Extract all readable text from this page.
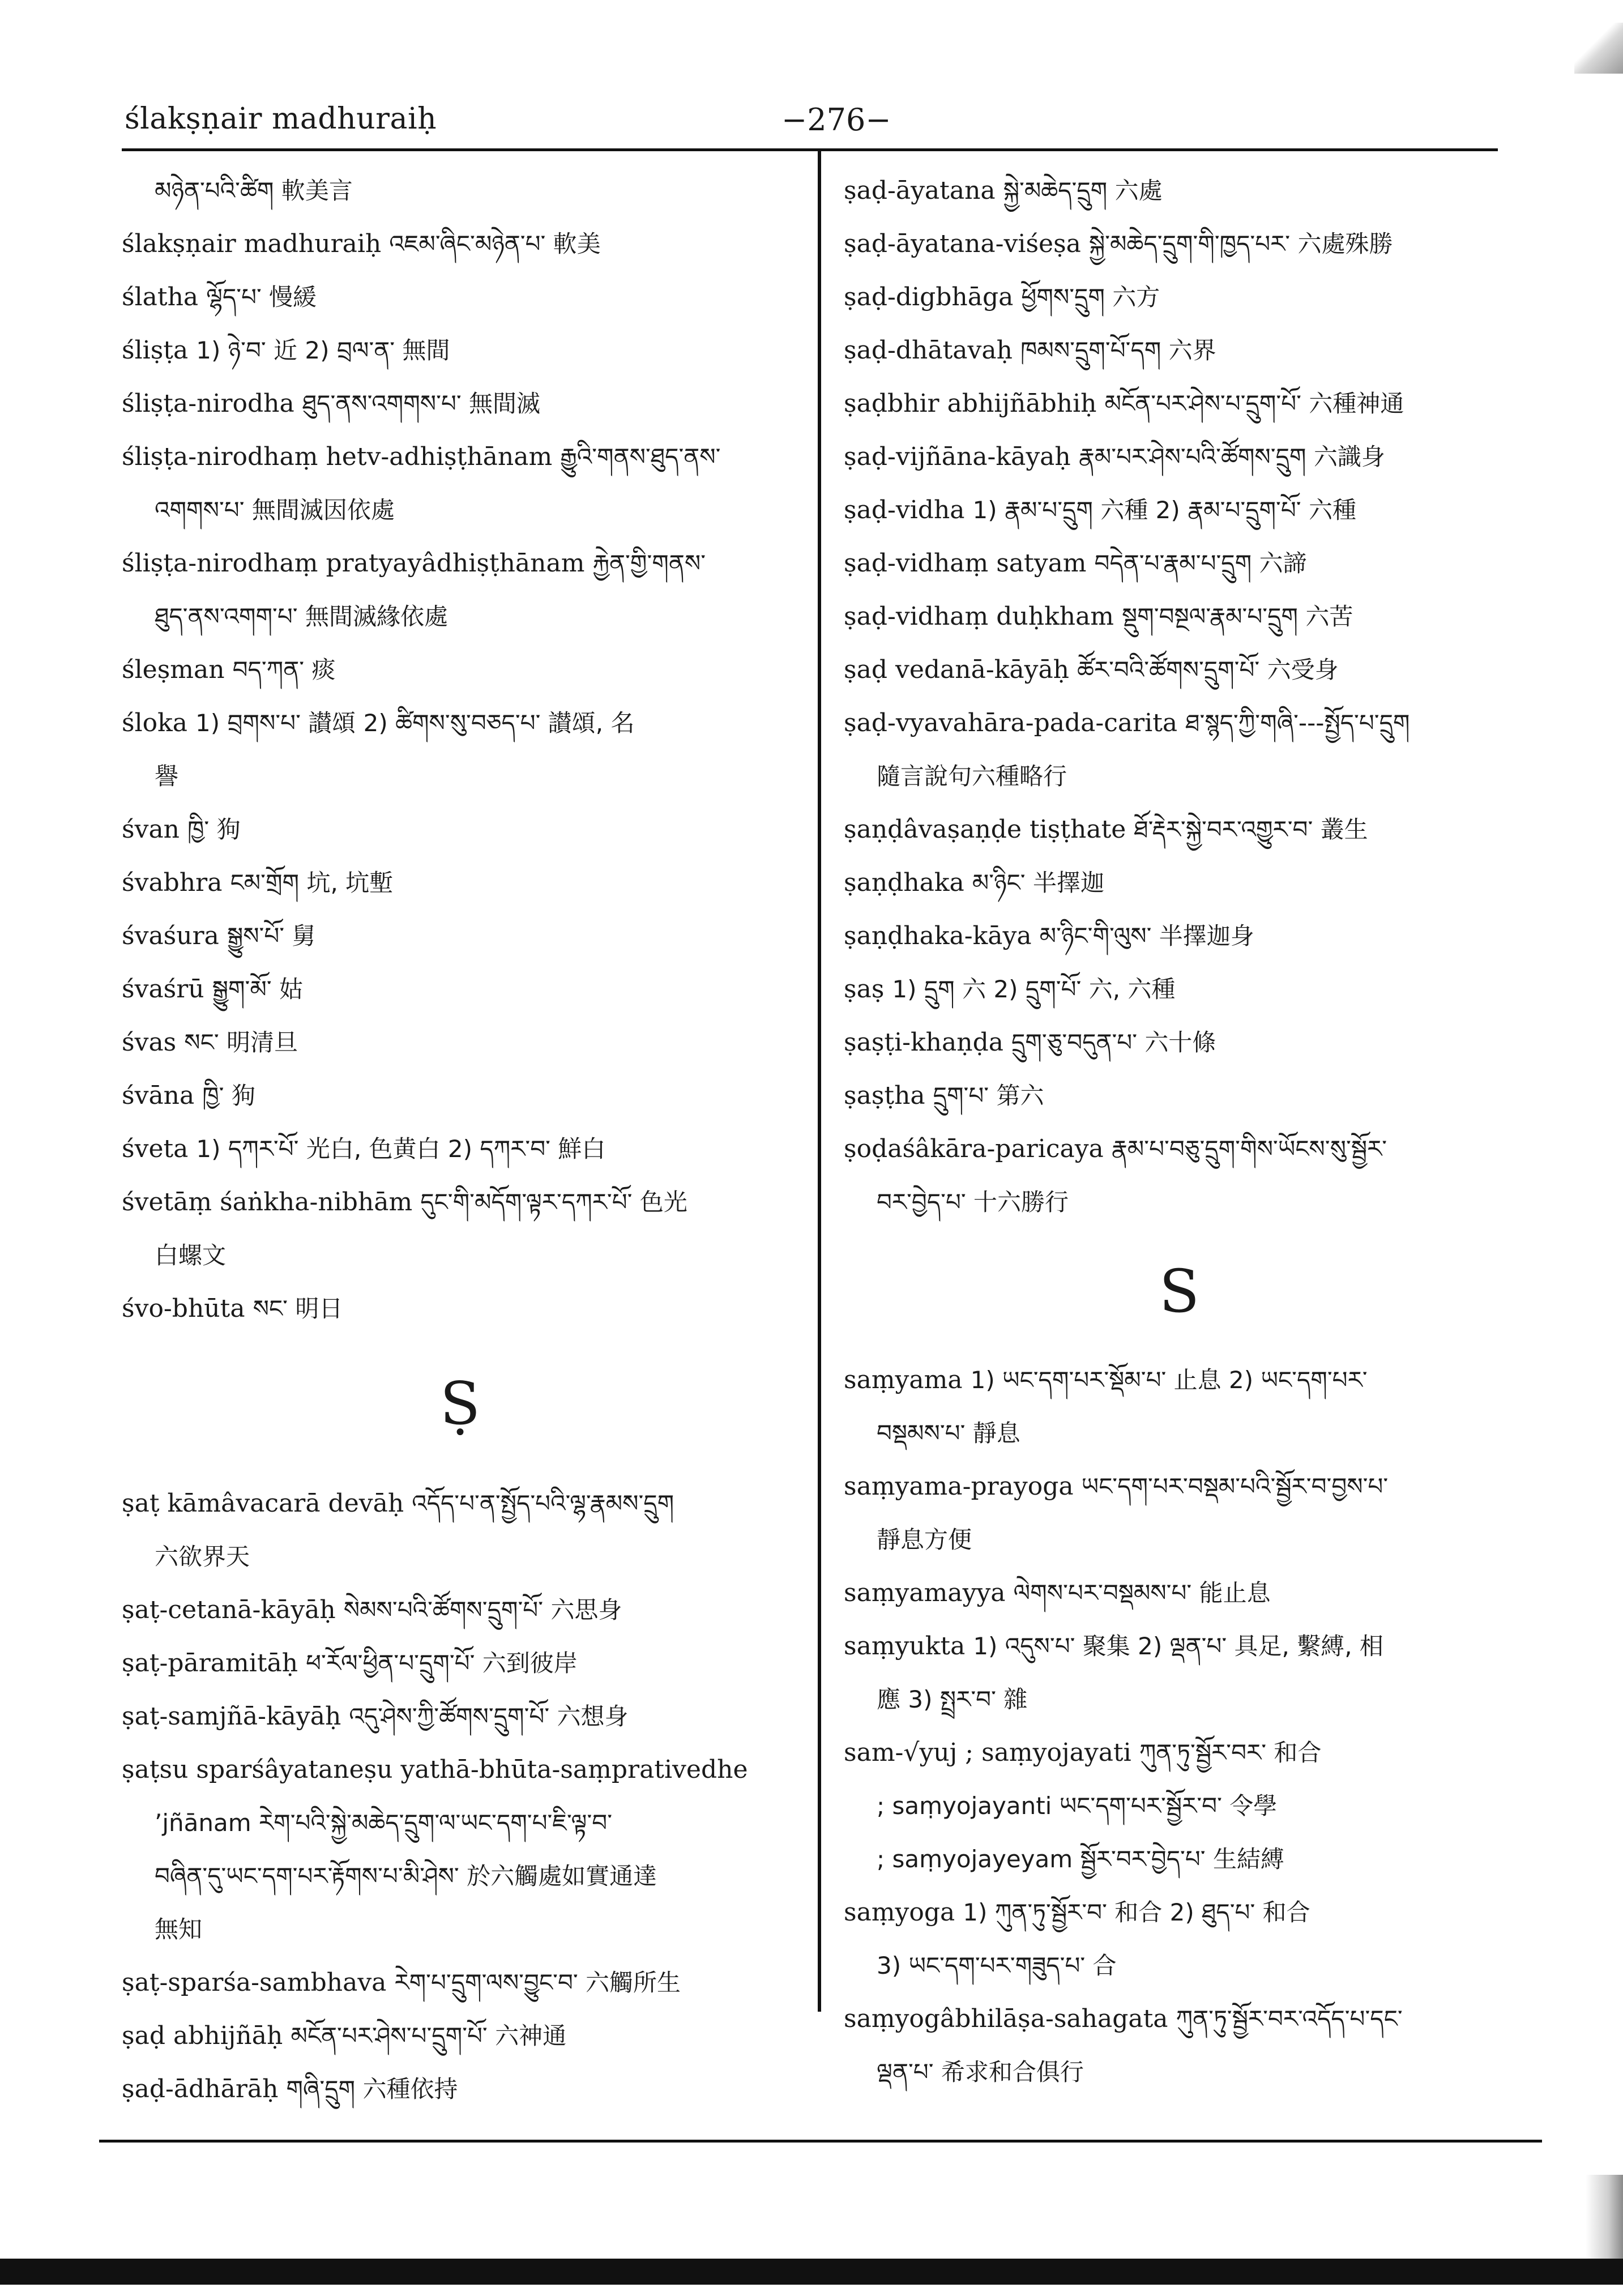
ślakṣṇair madhuraiḥ	−276−
མཉེན་པའི་ཚིག 軟美言
ślakṣṇair madhuraiḥ འཇམ་ཞིང་མཉེན་པ་ 軟美
ślatha ལྷོད་པ་ 慢緩
śliṣṭa 1) ཉེ་བ་ 近 2) བྲལ་ན་ 無間
śliṣṭa-nirodha ཐུད་ནས་འགགས་པ་ 無間滅
śliṣṭa-nirodhaṃ hetv-adhiṣṭhānam རྒྱུའི་གནས་ཐུད་ནས་
འགགས་པ་ 無間滅因依處
śliṣṭa-nirodhaṃ pratyayâdhiṣṭhānam རྐྱེན་གྱི་གནས་
ཐུད་ནས་འགག་པ་ 無間滅緣依處
śleṣman བད་ཀན་ 痰
śloka 1) བྲགས་པ་ 讃頌 2) ཚིགས་སུ་བཅད་པ་ 讃頌, 名
譽
śvan ཁྱི་ 狗
śvabhra ངམ་གྲོག 坑, 坑塹
śvaśura སྒྱུས་པོ་ 舅
śvaśrū སྒྱུག་མོ་ 姑
śvas སང་ 明清旦
śvāna ཁྱི་ 狗
śveta 1) དཀར་པོ་ 光白, 色黄白 2) དཀར་བ་ 鮮白
śvetāṃ śaṅkha-nibhām དུང་གི་མདོག་ལྟར་དཀར་པོ་ 色光
白螺文
śvo-bhūta སང་ 明日
Ṣ
ṣaṭ kāmâvacarā devāḥ འདོད་པ་ན་སྤྱོད་པའི་ལྷ་རྣམས་དྲུག
六欲界天
ṣaṭ-cetanā-kāyāḥ སེམས་པའི་ཚོགས་དྲུག་པོ་ 六思身
ṣaṭ-pāramitāḥ ཕ་རོལ་ཕྱིན་པ་དྲུག་པོ་ 六到彼岸
ṣaṭ-samjñā-kāyāḥ འདུ་ཤེས་ཀྱི་ཚོགས་དྲུག་པོ་ 六想身
ṣaṭsu sparśâyataneṣu yathā-bhūta-saṃprativedhe
’jñānam རེག་པའི་སྐྱེ་མཆེད་དྲུག་ལ་ཡང་དག་པ་ཇི་ལྟ་བ་
བཞིན་དུ་ཡང་དག་པར་རྟོགས་པ་མི་ཤེས་ 於六觸處如實通達
無知
ṣaṭ-sparśa-sambhava རེག་པ་དྲུག་ལས་བྱུང་བ་ 六觸所生
ṣaḍ abhijñāḥ མངོན་པར་ཤེས་པ་དྲུག་པོ་ 六神通
ṣaḍ-ādhārāḥ གཞི་དྲུག 六種依持
ṣaḍ-āyatana སྐྱེ་མཆེད་དྲུག 六處
ṣaḍ-āyatana-viśeṣa སྐྱེ་མཆེད་དྲུག་གི་ཁྱད་པར་ 六處殊勝
ṣaḍ-digbhāga ཕྱོགས་དྲུག 六方
ṣaḍ-dhātavaḥ ཁམས་དྲུག་པོ་དག 六界
ṣaḍbhir abhijñābhiḥ མངོན་པར་ཤེས་པ་དྲུག་པོ་ 六種神通
ṣaḍ-vijñāna-kāyaḥ རྣམ་པར་ཤེས་པའི་ཚོགས་དྲུག 六識身
ṣaḍ-vidha 1) རྣམ་པ་དྲུག 六種 2) རྣམ་པ་དྲུག་པོ་ 六種
ṣaḍ-vidhaṃ satyam བདེན་པ་རྣམ་པ་དྲུག 六諦
ṣaḍ-vidhaṃ duḥkham སྡུག་བསྔལ་རྣམ་པ་དྲུག 六苦
ṣaḍ vedanā-kāyāḥ ཚོར་བའི་ཚོགས་དྲུག་པོ་ 六受身
ṣaḍ-vyavahāra-pada-carita ཐ་སྙད་ཀྱི་གཞི་---སྤྱོད་པ་དྲུག
隨言說句六種略行
ṣaṇḍâvaṣaṇḍe tiṣṭhate ཐོ་རྡེར་སྐྱེ་བར་འགྱུར་བ་ 叢生
ṣaṇḍhaka མ་ཉིང་ 半擇迦
ṣaṇḍhaka-kāya མ་ཉིང་གི་ལུས་ 半擇迦身
ṣaṣ 1) དྲུག 六 2) དྲུག་པོ་ 六, 六種
ṣaṣṭi-khaṇḍa དྲུག་ཅུ་བདུན་པ་ 六十條
ṣaṣṭha དྲུག་པ་ 第六
ṣoḍaśâkāra-paricaya རྣམ་པ་བཅུ་དྲུག་གིས་ཡོངས་སུ་སྦྱོར་
བར་བྱེད་པ་ 十六勝行
S
saṃyama 1) ཡང་དག་པར་སྡོམ་པ་ 止息 2) ཡང་དག་པར་
བསྡམས་པ་ 靜息
saṃyama-prayoga ཡང་དག་པར་བསྡམ་པའི་སྦྱོར་བ་བྱས་པ་
靜息方便
saṃyamayya ལེགས་པར་བསྡམས་པ་ 能止息
saṃyukta 1) འདུས་པ་ 聚集 2) ལྡན་པ་ 具足, 繫縛, 相
應 3) སྤྲར་བ་ 雜
sam-√yuj ; saṃyojayati ཀུན་ཏུ་སྦྱོར་བར་ 和合
; saṃyojayanti ཡང་དག་པར་སྦྱོར་བ་ 令學
; saṃyojayeyam སྦྱོར་བར་བྱེད་པ་ 生結縛
saṃyoga 1) ཀུན་ཏུ་སྦྱོར་བ་ 和合 2) ཐུད་པ་ 和合
3) ཡང་དག་པར་གཟུད་པ་ 合
saṃyogâbhilāṣa-sahagata ཀུན་ཏུ་སྦྱོར་བར་འདོད་པ་དང་
ལྡན་པ་ 希求和合俱行
